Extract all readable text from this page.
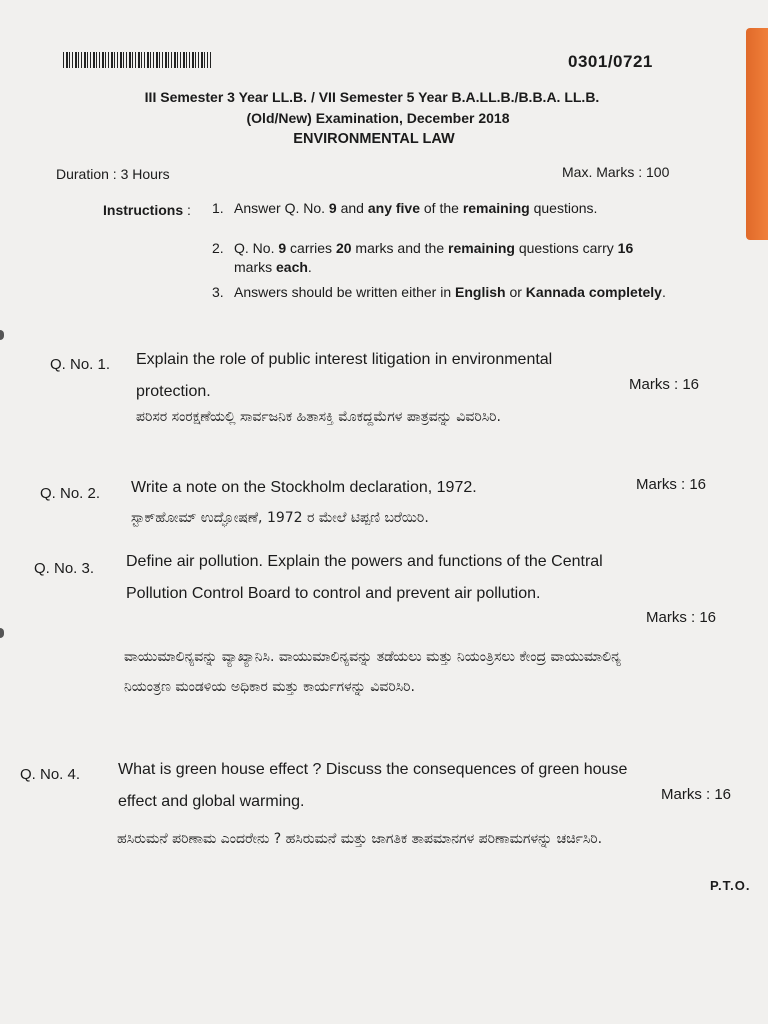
0301/0721
III Semester 3 Year LL.B. / VII Semester 5 Year B.A.LL.B./B.B.A. LL.B.
(Old/New) Examination, December 2018
ENVIRONMENTAL LAW
Duration : 3 Hours	Max. Marks : 100
Instructions : 1. Answer Q. No. 9 and any five of the remaining questions.
2. Q. No. 9 carries 20 marks and the remaining questions carry 16 marks each.
3. Answers should be written either in English or Kannada completely.
Q. No. 1. Explain the role of public interest litigation in environmental protection.	Marks : 16
ಪರಿಸರ ಸಂರಕ್ಷಣೆಯಲ್ಲಿ ಸಾರ್ವಜನಿಕ ಹಿತಾಸಕ್ತಿ ಮೊಕದ್ದಮೆಗಳ ಪಾತ್ರವನ್ನು ವಿವರಿಸಿರಿ.
Q. No. 2. Write a note on the Stockholm declaration, 1972.	Marks : 16
ಸ್ಟಾಕ್‌ಹೋಮ್ ಉದ್ಘೋಷಣೆ, 1972 ರ ಮೇಲೆ ಟಿಪ್ಪಣಿ ಬರೆಯಿರಿ.
Q. No. 3. Define air pollution. Explain the powers and functions of the Central Pollution Control Board to control and prevent air pollution.
Marks : 16
ವಾಯುಮಾಲಿನ್ಯವನ್ನು ವ್ಯಾಖ್ಯಾನಿಸಿ. ವಾಯುಮಾಲಿನ್ಯವನ್ನು ತಡೆಯಲು ಮತ್ತು ನಿಯಂತ್ರಿಸಲು ಕೇಂದ್ರ ವಾಯುಮಾಲಿನ್ಯ ನಿಯಂತ್ರಣ ಮಂಡಳಿಯ ಅಧಿಕಾರ ಮತ್ತು ಕಾರ್ಯಗಳನ್ನು ವಿವರಿಸಿರಿ.
Q. No. 4. What is green house effect ? Discuss the consequences of green house effect and global warming.	Marks : 16
ಹಸಿರುಮನೆ ಪರಿಣಾಮ ಎಂದರೇನು ? ಹಸಿರುಮನೆ ಮತ್ತು ಜಾಗತಿಕ ತಾಪಮಾನಗಳ ಪರಿಣಾಮಗಳನ್ನು ಚರ್ಚಿಸಿರಿ.
P.T.O.
